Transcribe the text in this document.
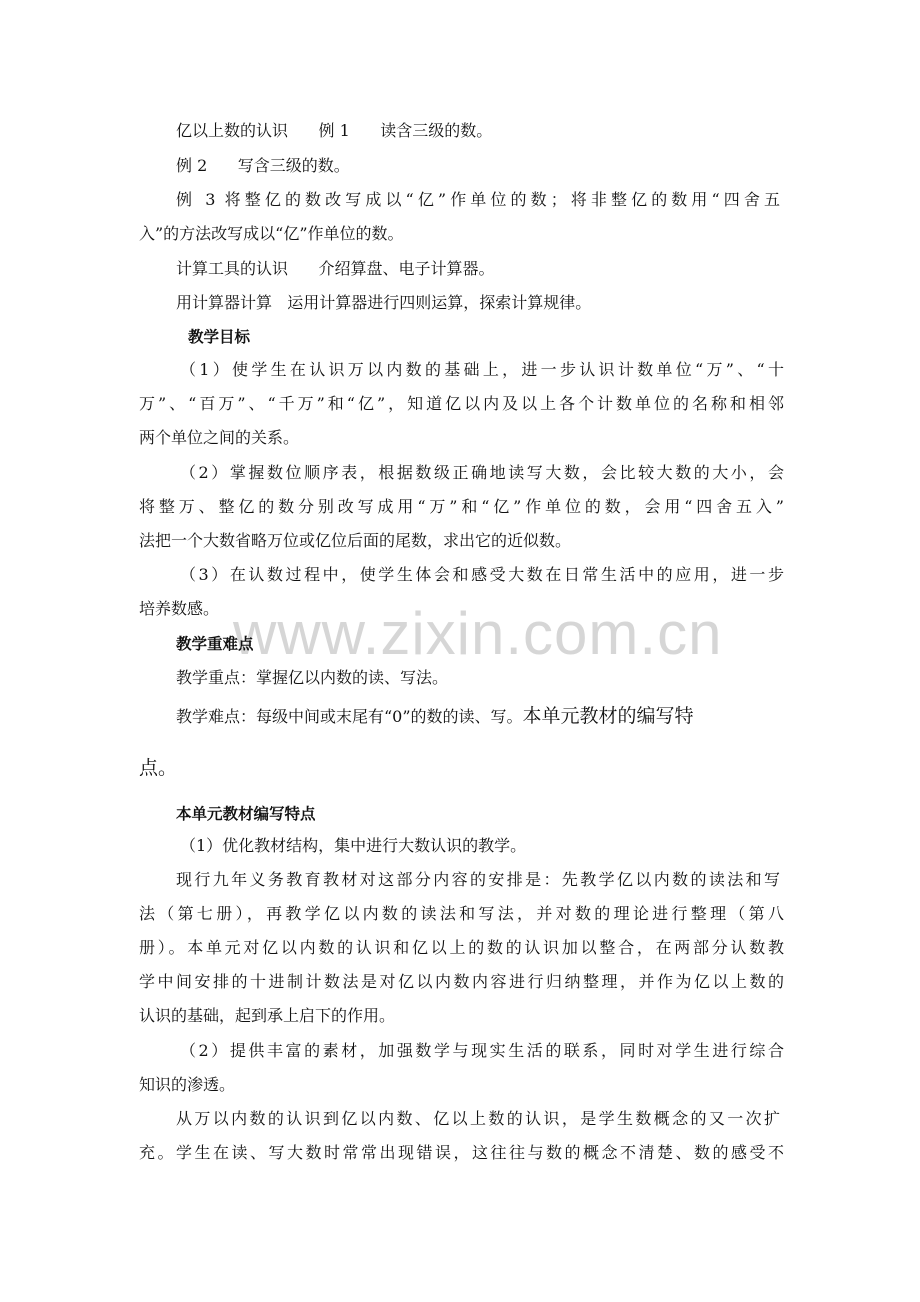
www.zixin.com.cn
亿以上数的认识      例 1      读含三级的数。
例 2      写含三级的数。
例 3 将整亿的数改写成以“亿”作单位的数；将非整亿的数用“四舍五
入”的方法改写成以“亿”作单位的数。
计算工具的认识      介绍算盘、电子计算器。
用计算器计算   运用计算器进行四则运算，探索计算规律。
教学目标
（1）使学生在认识万以内数的基础上，进一步认识计数单位“万”、“十
万”、“百万”、“千万”和“亿”，知道亿以内及以上各个计数单位的名称和相邻
两个单位之间的关系。
（2）掌握数位顺序表，根据数级正确地读写大数，会比较大数的大小，会
将整万、整亿的数分别改写成用“万”和“亿”作单位的数，会用“四舍五入”
法把一个大数省略万位或亿位后面的尾数，求出它的近似数。
（3）在认数过程中，使学生体会和感受大数在日常生活中的应用，进一步
培养数感。
教学重难点
教学重点：掌握亿以内数的读、写法。
教学难点：每级中间或末尾有“0”的数的读、写。本单元教材的编写特
点。
本单元教材编写特点
（1）优化教材结构，集中进行大数认识的教学。
现行九年义务教育教材对这部分内容的安排是：先教学亿以内数的读法和写
法（第七册），再教学亿以内数的读法和写法，并对数的理论进行整理（第八
册）。本单元对亿以内数的认识和亿以上的数的认识加以整合，在两部分认数教
学中间安排的十进制计数法是对亿以内数内容进行归纳整理，并作为亿以上数的
认识的基础，起到承上启下的作用。
（2）提供丰富的素材，加强数学与现实生活的联系，同时对学生进行综合
知识的渗透。
从万以内数的认识到亿以内数、亿以上数的认识，是学生数概念的又一次扩
充。学生在读、写大数时常常出现错误，这往往与数的概念不清楚、数的感受不
